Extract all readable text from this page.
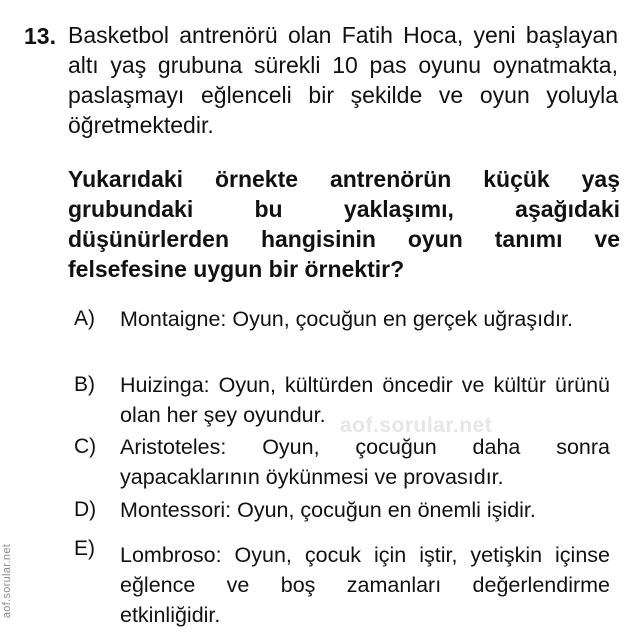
13. Basketbol antrenörü olan Fatih Hoca, yeni başlayan altı yaş grubuna sürekli 10 pas oyunu oynatmakta, paslaşmayı eğlenceli bir şekilde ve oyun yoluyla öğretmektedir.
Yukarıdaki örnekte antrenörün küçük yaş grubundaki bu yaklaşımı, aşağıdaki düşünürlerden hangisinin oyun tanımı ve felsefesine uygun bir örnektir?
aof.sorular.net
A) Montaigne: Oyun, çocuğun en gerçek uğraşıdır.
B) Huizinga: Oyun, kültürden öncedir ve kültür ürünü olan her şey oyundur.
C) Aristoteles: Oyun, çocuğun daha sonra yapacaklarının öykünmesi ve provasıdır.
D) Montessori: Oyun, çocuğun en önemli işidir.
E) Lombroso: Oyun, çocuk için iştir, yetişkin içinse eğlence ve boş zamanları değerlendirme etkinliğidir.
aof.sorular.net
